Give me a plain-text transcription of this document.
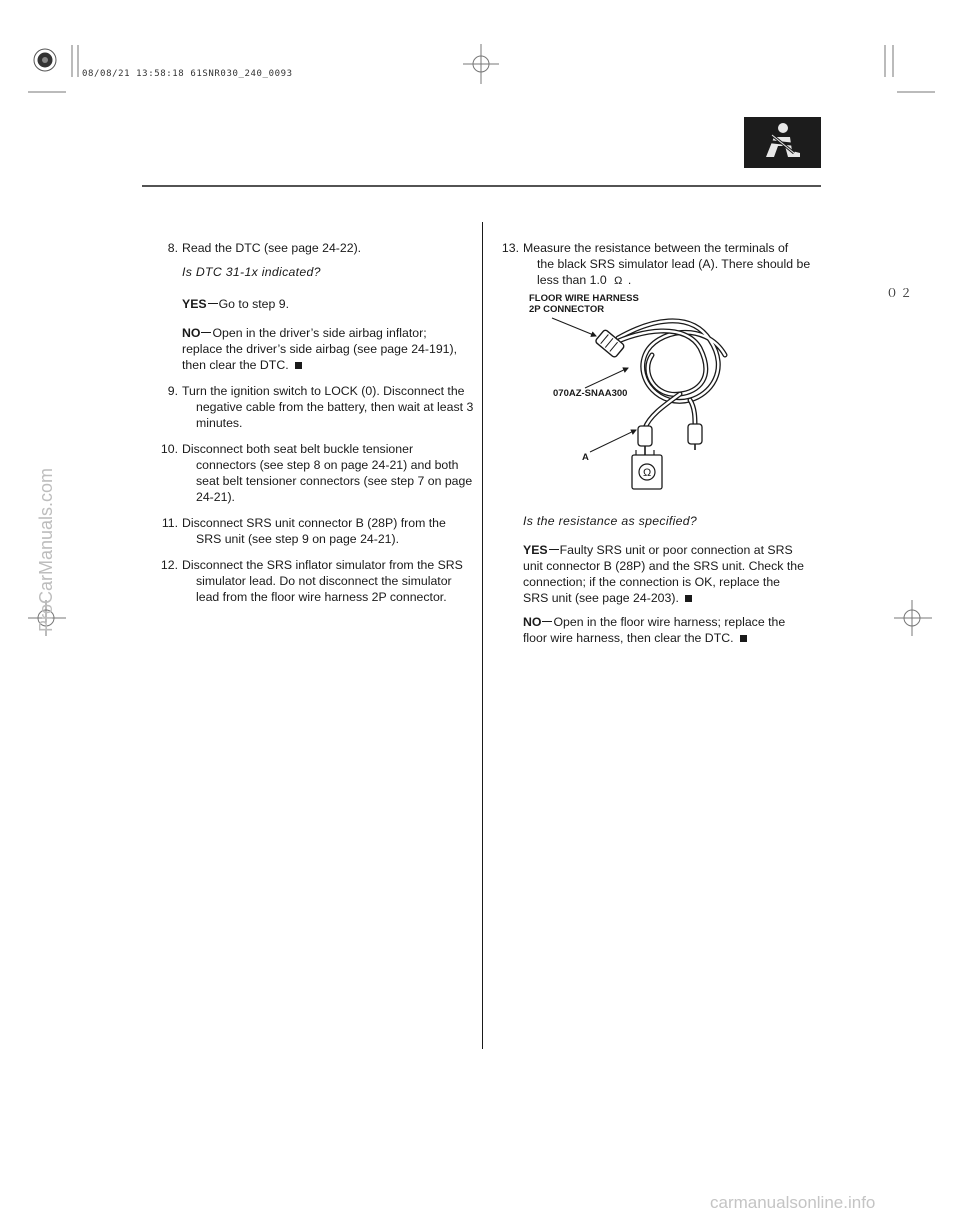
08/08/21 13:58:18 61SNR030_240_0093
０２
ProCarManuals.com
carmanualsonline.info
8. Read the DTC (see page 24-22).
Is DTC 31-1x indicated?
YES Go to step 9.
NO Open in the driver’s side airbag inflator;
replace the driver’s side airbag (see page 24-191),
then clear the DTC.
9. Turn the ignition switch to LOCK (0). Disconnect the
negative cable from the battery, then wait at least 3
minutes.
10. Disconnect both seat belt buckle tensioner
connectors (see step 8 on page 24-21) and both
seat belt tensioner connectors (see step 7 on page
24-21).
11. Disconnect SRS unit connector B (28P) from the
SRS unit (see step 9 on page 24-21).
12. Disconnect the SRS inflator simulator from the SRS
simulator lead. Do not disconnect the simulator
lead from the floor wire harness 2P connector.
13. Measure the resistance between the terminals of
the black SRS simulator lead (A). There should be
less than 1.0 Ω .
FLOOR WIRE HARNESS
2P CONNECTOR
070AZ-SNAA300
A
Ω
Is the resistance as specified?
YES Faulty SRS unit or poor connection at SRS
unit connector B (28P) and the SRS unit. Check the
connection; if the connection is OK, replace the
SRS unit (see page 24-203).
NO Open in the floor wire harness; replace the
floor wire harness, then clear the DTC.
